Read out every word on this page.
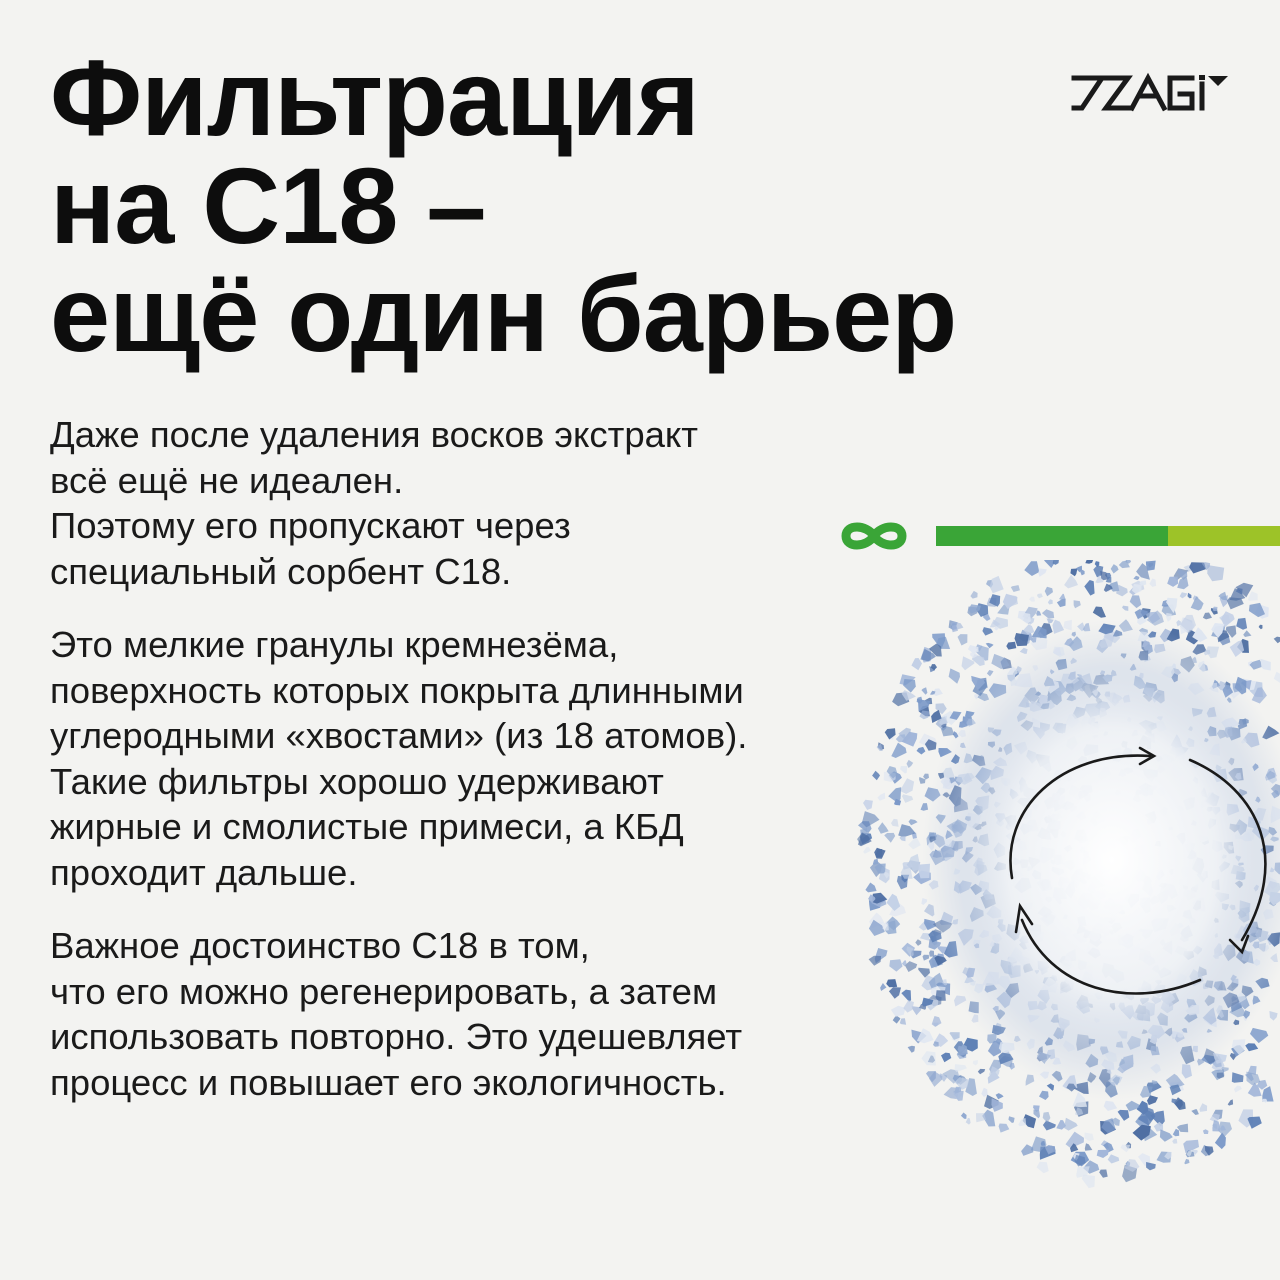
Фильтрация
на С18 –
ещё один барьер

Даже после удаления восков экстракт
всё ещё не идеален.
Поэтому его пропускают через
специальный сорбент С18.

Это мелкие гранулы кремнезёма,
поверхность которых покрыта длинными
углеродными «хвостами» (из 18 атомов).
Такие фильтры хорошо удерживают
жирные и смолистые примеси, а КБД
проходит дальше.

Важное достоинство С18 в том,
что его можно регенерировать, а затем
использовать повторно. Это удешевляет
процесс и повышает его экологичность.
